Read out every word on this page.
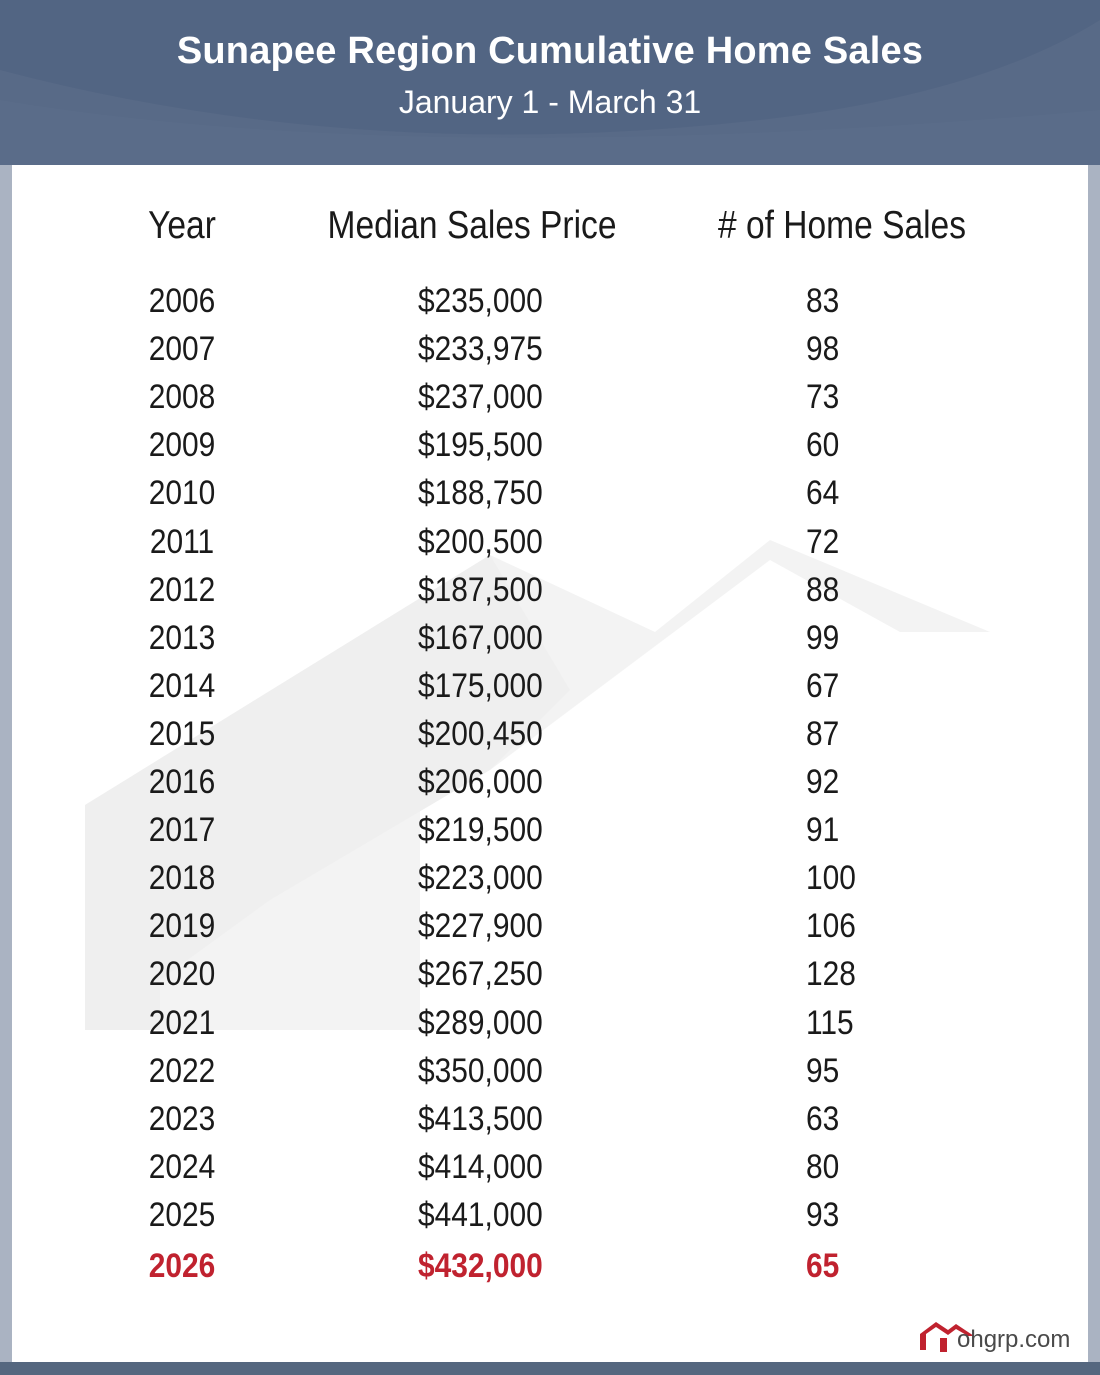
Sunapee Region Cumulative Home Sales
January 1 - March 31
Year	Median Sales Price	# of Home Sales
2006	$235,000	83
2007	$233,975	98
2008	$237,000	73
2009	$195,500	60
2010	$188,750	64
2011	$200,500	72
2012	$187,500	88
2013	$167,000	99
2014	$175,000	67
2015	$200,450	87
2016	$206,000	92
2017	$219,500	91
2018	$223,000	100
2019	$227,900	106
2020	$267,250	128
2021	$289,000	115
2022	$350,000	95
2023	$413,500	63
2024	$414,000	80
2025	$441,000	93
2026	$432,000	65
ohgrp.com
